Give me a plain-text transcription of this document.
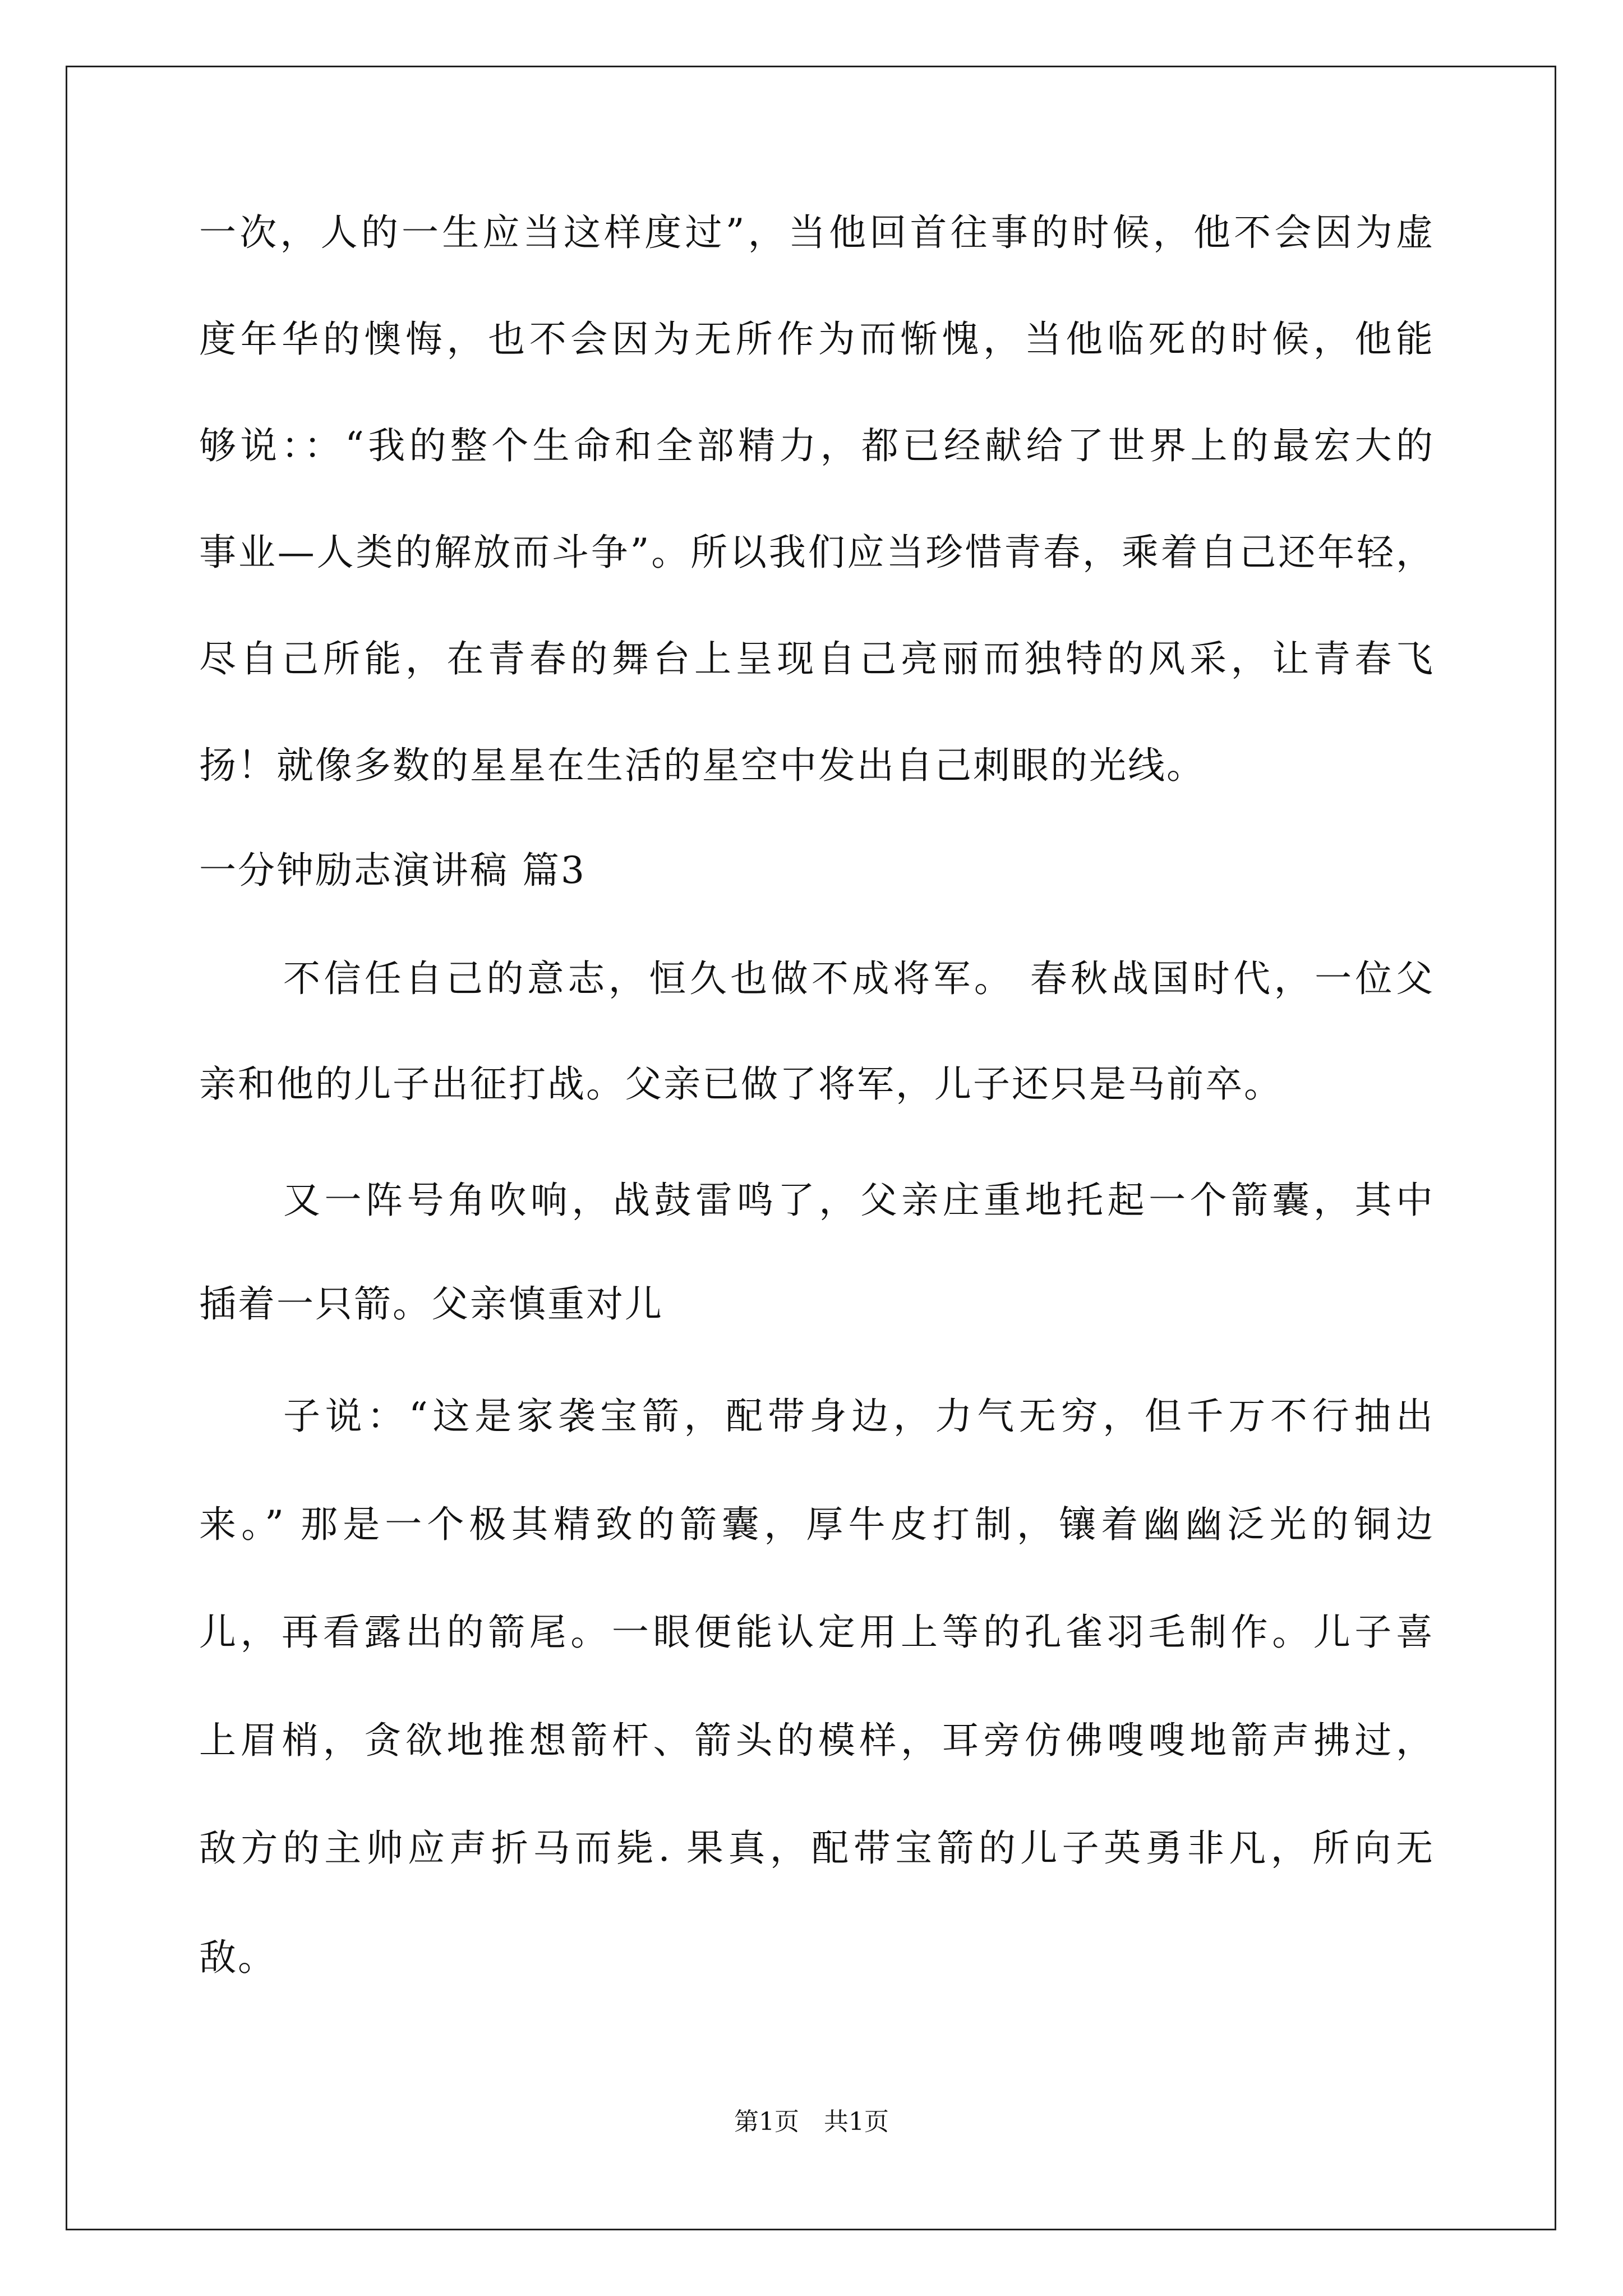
一次，人的一生应当这样度过”，当他回首往事的时候，他不会因为虚
度年华的懊悔，也不会因为无所作为而惭愧，当他临死的时候，他能
够说：：“我的整个生命和全部精力，都已经献给了世界上的最宏大的
事业—人类的解放而斗争”。所以我们应当珍惜青春，乘着自己还年轻，
尽自己所能，在青春的舞台上呈现自己亮丽而独特的风采，让青春飞
扬！就像多数的星星在生活的星空中发出自己刺眼的光线。
一分钟励志演讲稿 篇3
不信任自己的意志，恒久也做不成将军。 春秋战国时代，一位父
亲和他的儿子出征打战。父亲已做了将军，儿子还只是马前卒。
又一阵号角吹响，战鼓雷鸣了，父亲庄重地托起一个箭囊，其中
插着一只箭。父亲慎重对儿
子说：“这是家袭宝箭，配带身边，力气无穷，但千万不行抽出
来。” 那是一个极其精致的箭囊，厚牛皮打制，镶着幽幽泛光的铜边
儿，再看露出的箭尾。一眼便能认定用上等的孔雀羽毛制作。儿子喜
上眉梢，贪欲地推想箭杆、箭头的模样，耳旁仿佛嗖嗖地箭声拂过，
敌方的主帅应声折马而毙. 果真，配带宝箭的儿子英勇非凡，所向无
敌。
第1页　共1页
